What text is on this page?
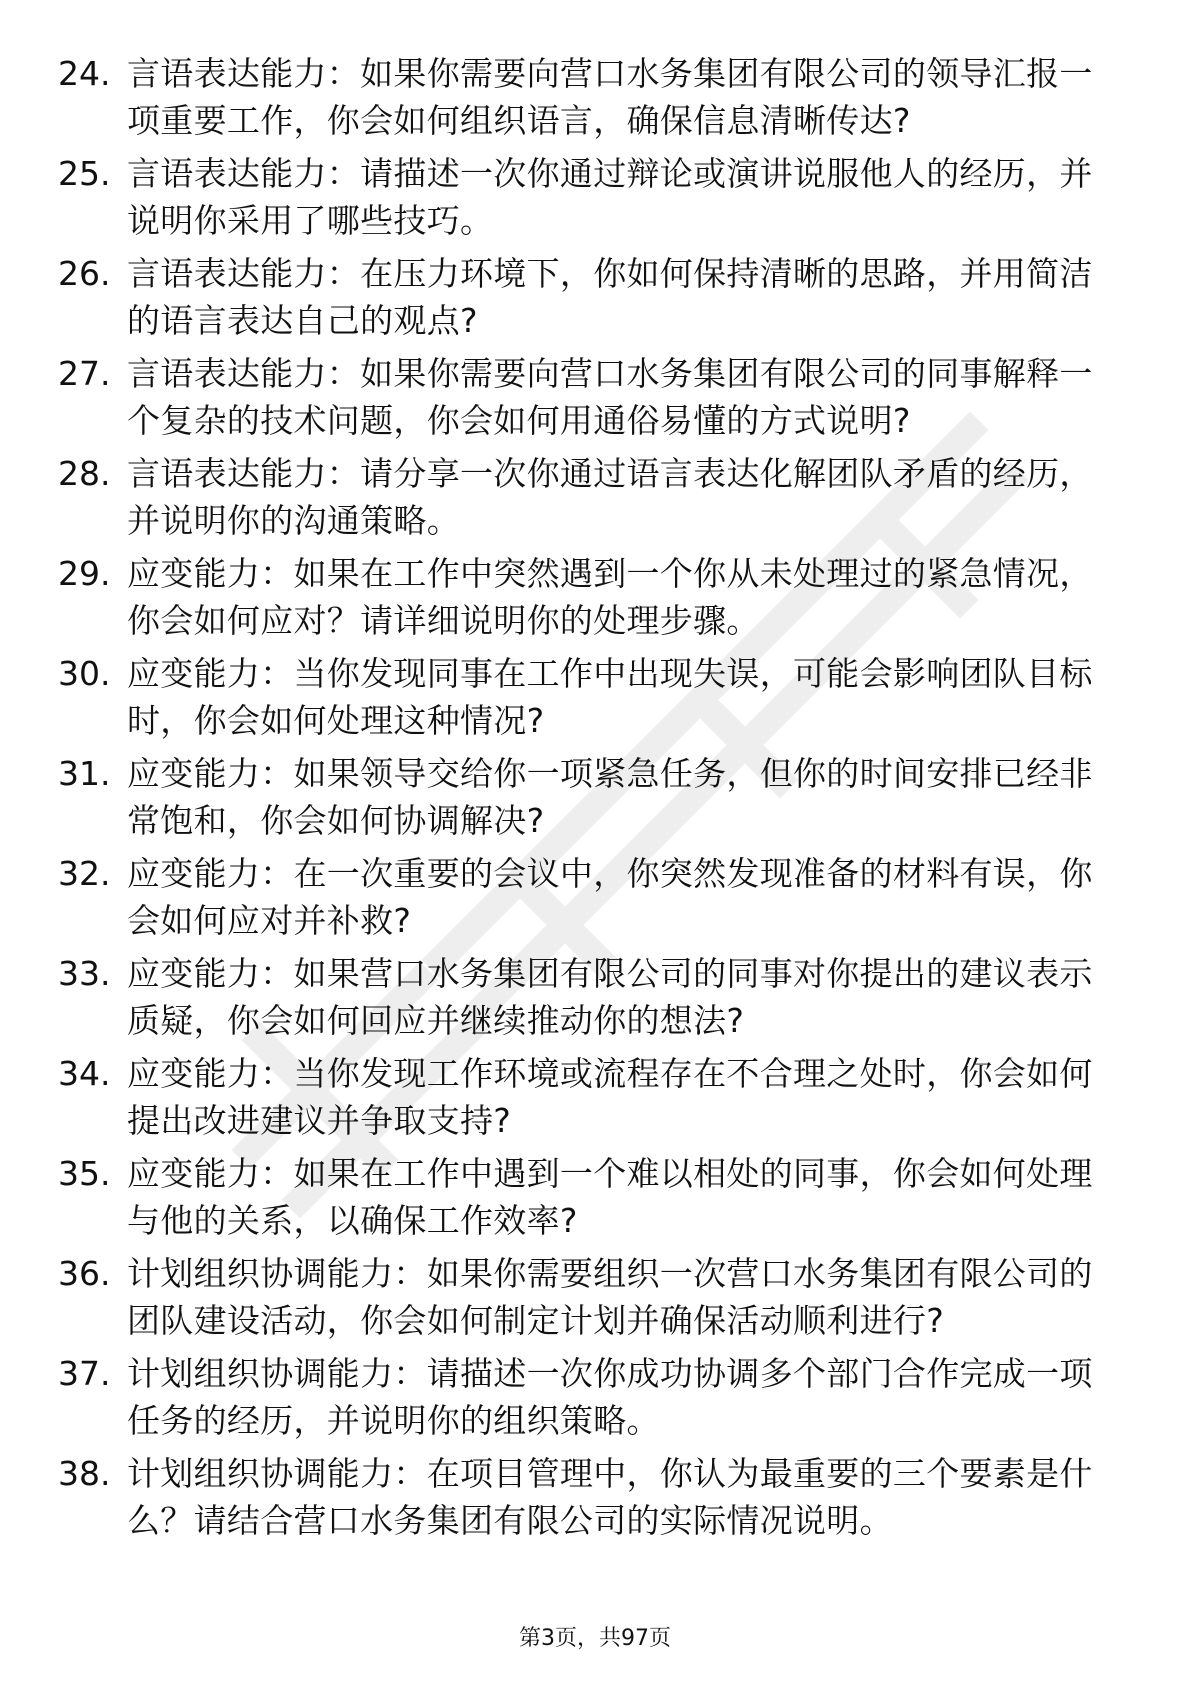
24. 言语表达能力：如果你需要向营口水务集团有限公司的领导汇报一项重要工作，你会如何组织语言，确保信息清晰传达?
25. 言语表达能力：请描述一次你通过辩论或演讲说服他人的经历，并说明你采用了哪些技巧。
26. 言语表达能力：在压力环境下，你如何保持清晰的思路，并用简洁的语言表达自己的观点?
27. 言语表达能力：如果你需要向营口水务集团有限公司的同事解释一个复杂的技术问题，你会如何用通俗易懂的方式说明?
28. 言语表达能力：请分享一次你通过语言表达化解团队矛盾的经历，并说明你的沟通策略。
29. 应变能力：如果在工作中突然遇到一个你从未处理过的紧急情况，你会如何应对？请详细说明你的处理步骤。
30. 应变能力：当你发现同事在工作中出现失误，可能会影响团队目标时，你会如何处理这种情况?
31. 应变能力：如果领导交给你一项紧急任务，但你的时间安排已经非常饱和，你会如何协调解决?
32. 应变能力：在一次重要的会议中，你突然发现准备的材料有误，你会如何应对并补救?
33. 应变能力：如果营口水务集团有限公司的同事对你提出的建议表示质疑，你会如何回应并继续推动你的想法?
34. 应变能力：当你发现工作环境或流程存在不合理之处时，你会如何提出改进建议并争取支持?
35. 应变能力：如果在工作中遇到一个难以相处的同事，你会如何处理与他的关系，以确保工作效率?
36. 计划组织协调能力：如果你需要组织一次营口水务集团有限公司的团队建设活动，你会如何制定计划并确保活动顺利进行?
37. 计划组织协调能力：请描述一次你成功协调多个部门合作完成一项任务的经历，并说明你的组织策略。
38. 计划组织协调能力：在项目管理中，你认为最重要的三个要素是什么？请结合营口水务集团有限公司的实际情况说明。
第3页，共97页
